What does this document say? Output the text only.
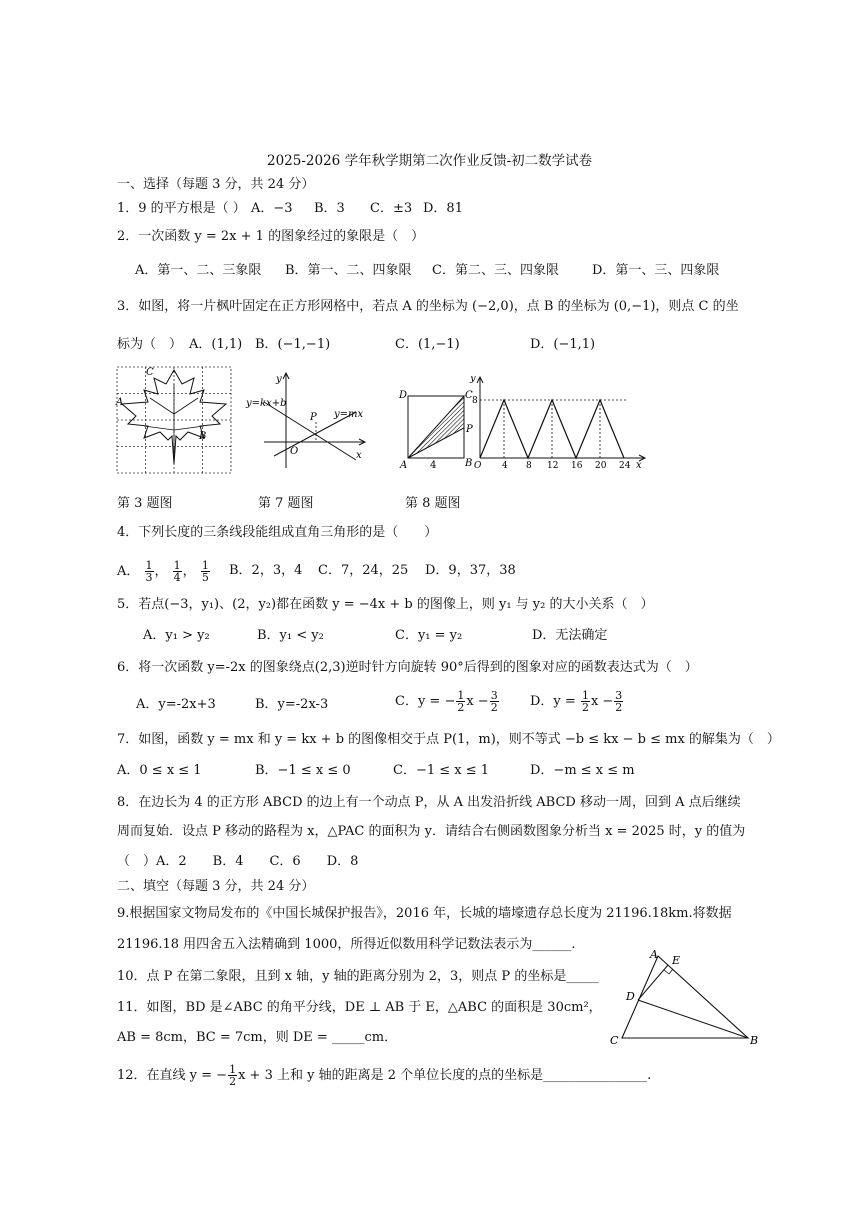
2025-2026 学年秋学期第二次作业反馈-初二数学试卷
一、选择（每题 3 分，共 24 分）
1．9 的平方根是（ ） A．−3 B．3 C．±3 D．81
2．一次函数 y = 2x + 1 的图象经过的象限是（　）
A．第一、二、三象限 B．第一、二、四象限 C．第二、三、四象限	D．第一、三、四象限
3．如图，将一片枫叶固定在正方形网格中，若点 A 的坐标为 (−2,0)，点 B 的坐标为 (0,−1)，则点 C 的坐
标为（　） A．(1,1) B．(−1,−1)	C．(1,−1)	D．(−1,1)
C
A
B
y=kx+b
y=mx
P
O	x
y
D	C
A	B
P
4
y
8
O 4 8 12 16 20 24 x
第 3 题图	第 7 题图	第 8 题图
4．下列长度的三条线段能组成直角三角形的是（　　）
A． $\frac{1}{3}$ ， $\frac{1}{4}$ ， $\frac{1}{5}$ B．2，3，4 C．7，24，25 D．9，37，38
5．若点(−3，y₁)、(2，y₂)都在函数 y = −4x + b 的图像上，则 y₁ 与 y₂ 的大小关系（　）
A．y₁ > y₂	B．y₁ < y₂	C．y₁ = y₂	D．无法确定
6．将一次函数 y=-2x 的图象绕点(2,3)逆时针方向旋转 90°后得到的图象对应的函数表达式为（　）
A．y=-2x+3	B．y=-2x-3	C．y = − $\frac{1}{2}$ $x - \frac{3}{2}$ D．$y = \frac{1}{2}$ $x - \frac{3}{2}$
7．如图，函数 y = mx 和 y = kx + b 的图像相交于点 P(1，m)，则不等式 −b ≤ kx − b ≤ mx 的解集为（　）
A．0 ≤ x ≤ 1	B．−1 ≤ x ≤ 0	C．−1 ≤ x ≤ 1	D．−m ≤ x ≤ m
8．在边长为 4 的正方形 ABCD 的边上有一个动点 P，从 A 出发沿折线 ABCD 移动一周，回到 A 点后继续
周而复始．设点 P 移动的路程为 x，△PAC 的面积为 y．请结合右侧函数图象分析当 x = 2025 时，y 的值为
（　）A．2　　B．4　　C．6　　D．8
二、填空（每题 3 分，共 24 分）
9.根据国家文物局发布的《中国长城保护报告》，2016 年，长城的墙壕遗存总长度为 21196.18km.将数据
21196.18 用四舍五入法精确到 1000，所得近似数用科学记数法表示为______.
10．点 P 在第二象限，且到 x 轴，y 轴的距离分别为 2，3，则点 P 的坐标是_____
11．如图，BD 是∠ABC 的角平分线，DE ⊥ AB 于 E，△ABC 的面积是 30cm²，
AB = 8cm，BC = 7cm，则 DE = _____cm．
A E
D
C	B
12．在直线 y = − $\frac{1}{2}$ x + 3 上和 y 轴的距离是 2 个单位长度的点的坐标是________________.
